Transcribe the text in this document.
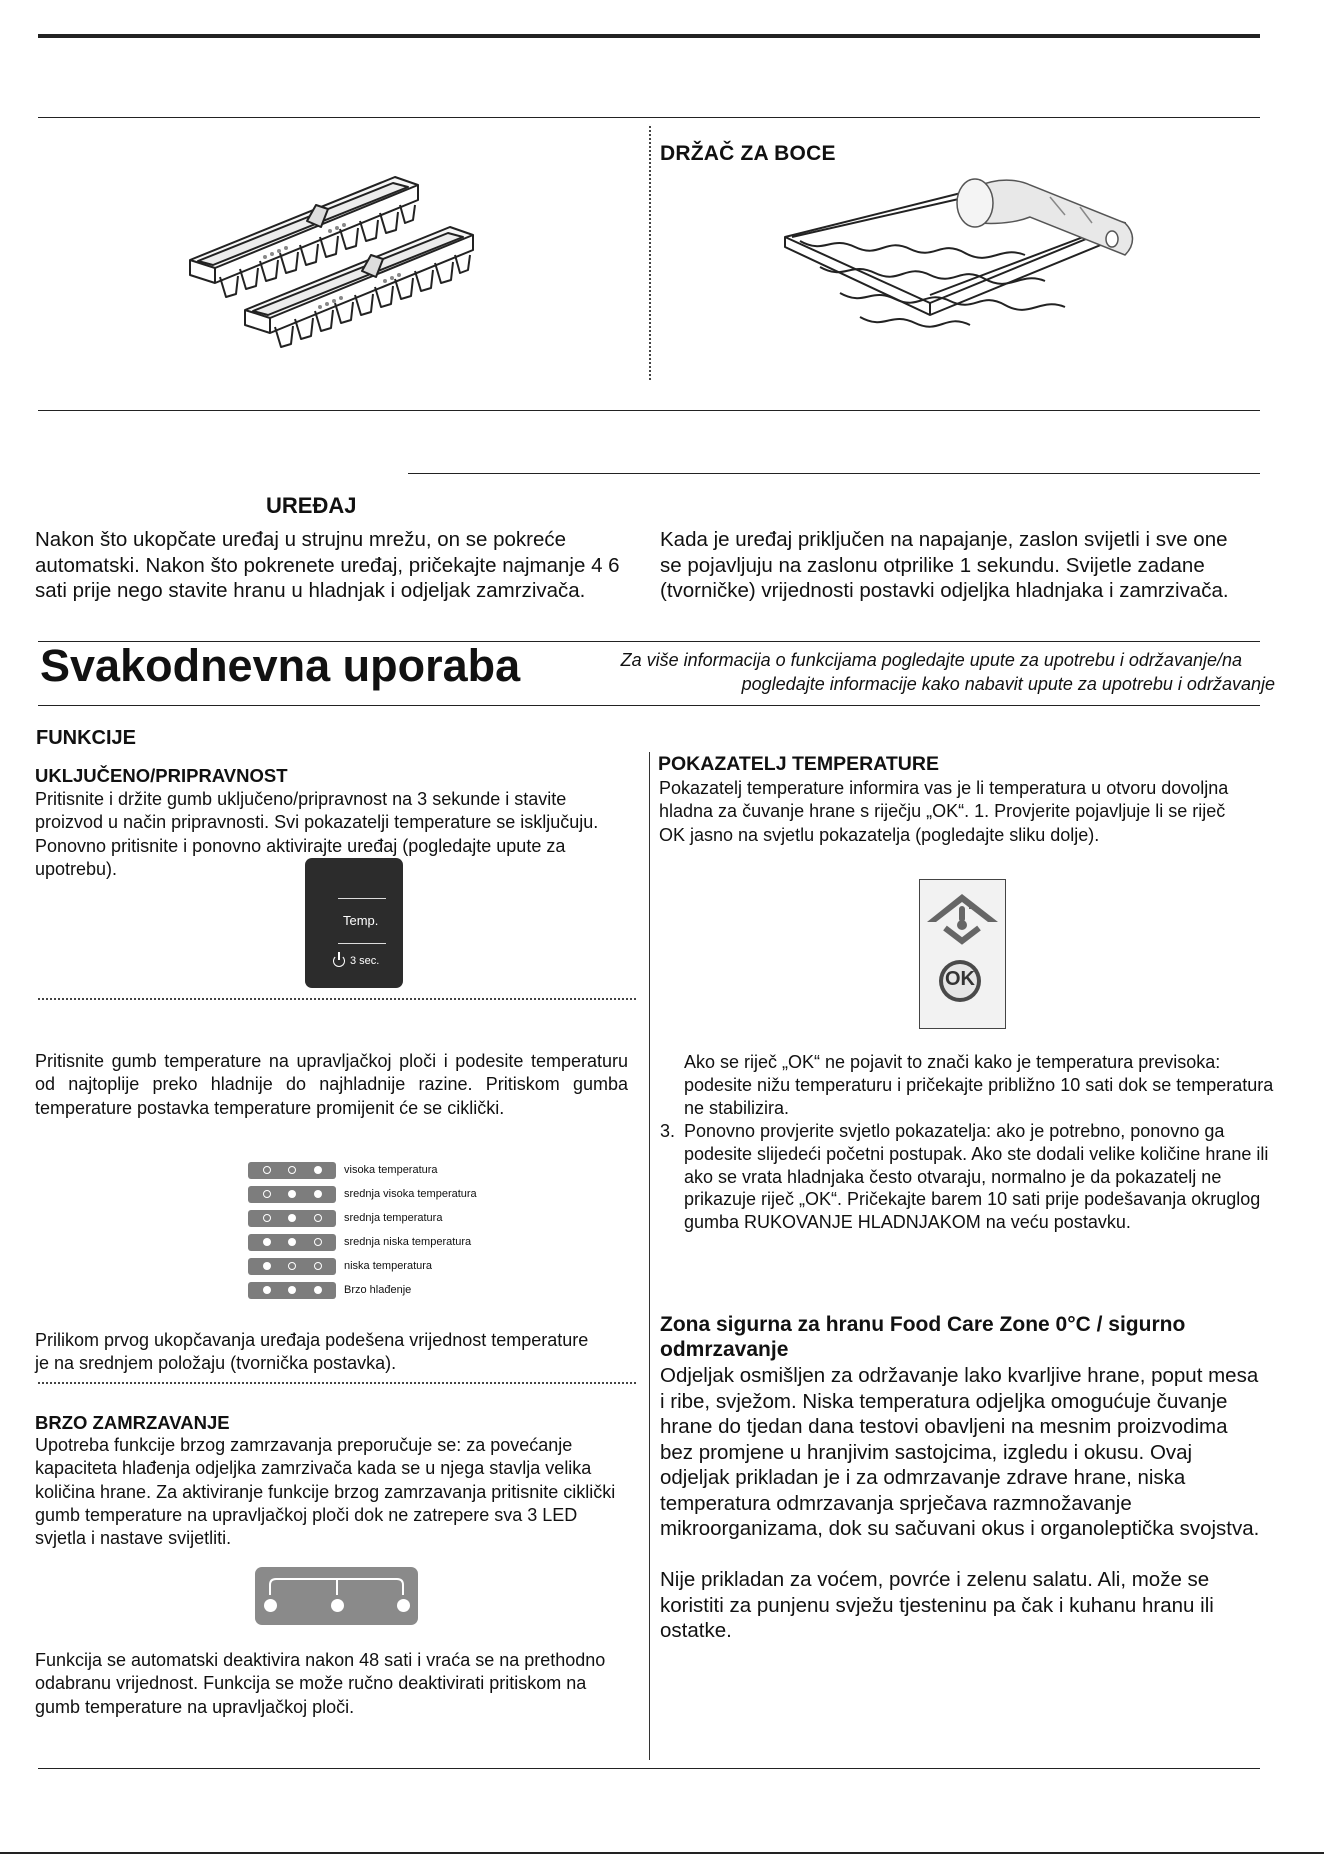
DRŽAČ ZA BOCE
UREĐAJ
Nakon što ukopčate uređaj u strujnu mrežu, on se pokreće automatski. Nakon što pokrenete uređaj, pričekajte najmanje 4 6 sati prije nego stavite hranu u hladnjak i odjeljak zamrzivača.
Kada je uređaj priključen na napajanje, zaslon svijetli i sve one se pojavljuju na zaslonu otprilike 1 sekundu. Svijetle zadane (tvorničke) vrijednosti postavki odjeljka hladnjaka i zamrzivača.
Svakodnevna uporaba	Za više informacija o funkcijama pogledajte upute za upotrebu i održavanje/na
pogledajte informacije kako nabavit upute za upotrebu i održavanje
FUNKCIJE
UKLJUČENO/PRIPRAVNOST
Pritisnite i držite gumb uključeno/pripravnost na 3 sekunde i stavite proizvod u način pripravnosti. Svi pokazatelji temperature se isključuju. Ponovno pritisnite i ponovno aktivirajte uređaj (pogledajte upute za upotrebu).
Temp.
3 sec.
Pritisnite gumb temperature na upravljačkoj ploči i podesite temperaturu od najtoplije preko hladnije do najhladnije razine. Pritiskom gumba temperature postavka temperature promijenit će se ciklički.
visoka temperatura
srednja visoka temperatura
srednja temperatura
srednja niska temperatura
niska temperatura
Brzo hlađenje
Prilikom prvog ukopčavanja uređaja podešena vrijednost temperature je na srednjem položaju (tvornička postavka).
BRZO ZAMRZAVANJE
Upotreba funkcije brzog zamrzavanja preporučuje se: za povećanje kapaciteta hlađenja odjeljka zamrzivača kada se u njega stavlja velika količina hrane. Za aktiviranje funkcije brzog zamrzavanja pritisnite ciklički gumb temperature na upravljačkoj ploči dok ne zatrepere sva 3 LED svjetla i nastave svijetliti.
Funkcija se automatski deaktivira nakon 48 sati i vraća se na prethodno odabranu vrijednost. Funkcija se može ručno deaktivirati pritiskom na gumb temperature na upravljačkoj ploči.
POKAZATELJ TEMPERATURE
Pokazatelj temperature informira vas je li temperatura u otvoru dovoljna hladna za čuvanje hrane s riječju „OK“. 1. Provjerite pojavljuje li se riječ OK jasno na svjetlu pokazatelja (pogledajte sliku dolje).
OK
Ako se riječ „OK“ ne pojavit to znači kako je temperatura previsoka: podesite nižu temperaturu i pričekajte približno 10 sati dok se temperatura ne stabilizira.
3. Ponovno provjerite svjetlo pokazatelja: ako je potrebno, ponovno ga podesite slijedeći početni postupak. Ako ste dodali velike količine hrane ili ako se vrata hladnjaka često otvaraju, normalno je da pokazatelj ne prikazuje riječ „OK“. Pričekajte barem 10 sati prije podešavanja okruglog gumba RUKOVANJE HLADNJAKOM na veću postavku.
Zona sigurna za hranu Food Care Zone 0°C / sigurno odmrzavanje
Odjeljak osmišljen za održavanje lako kvarljive hrane, poput mesa i ribe, svježom. Niska temperatura odjeljka omogućuje čuvanje hrane do tjedan dana testovi obavljeni na mesnim proizvodima bez promjene u hranjivim sastojcima, izgledu i okusu. Ovaj odjeljak prikladan je i za odmrzavanje zdrave hrane, niska temperatura odmrzavanja sprječava razmnožavanje mikroorganizama, dok su sačuvani okus i organoleptička svojstva.
Nije prikladan za voćem, povrće i zelenu salatu. Ali, može se koristiti za punjenu svježu tjesteninu pa čak i kuhanu hranu ili ostatke.
